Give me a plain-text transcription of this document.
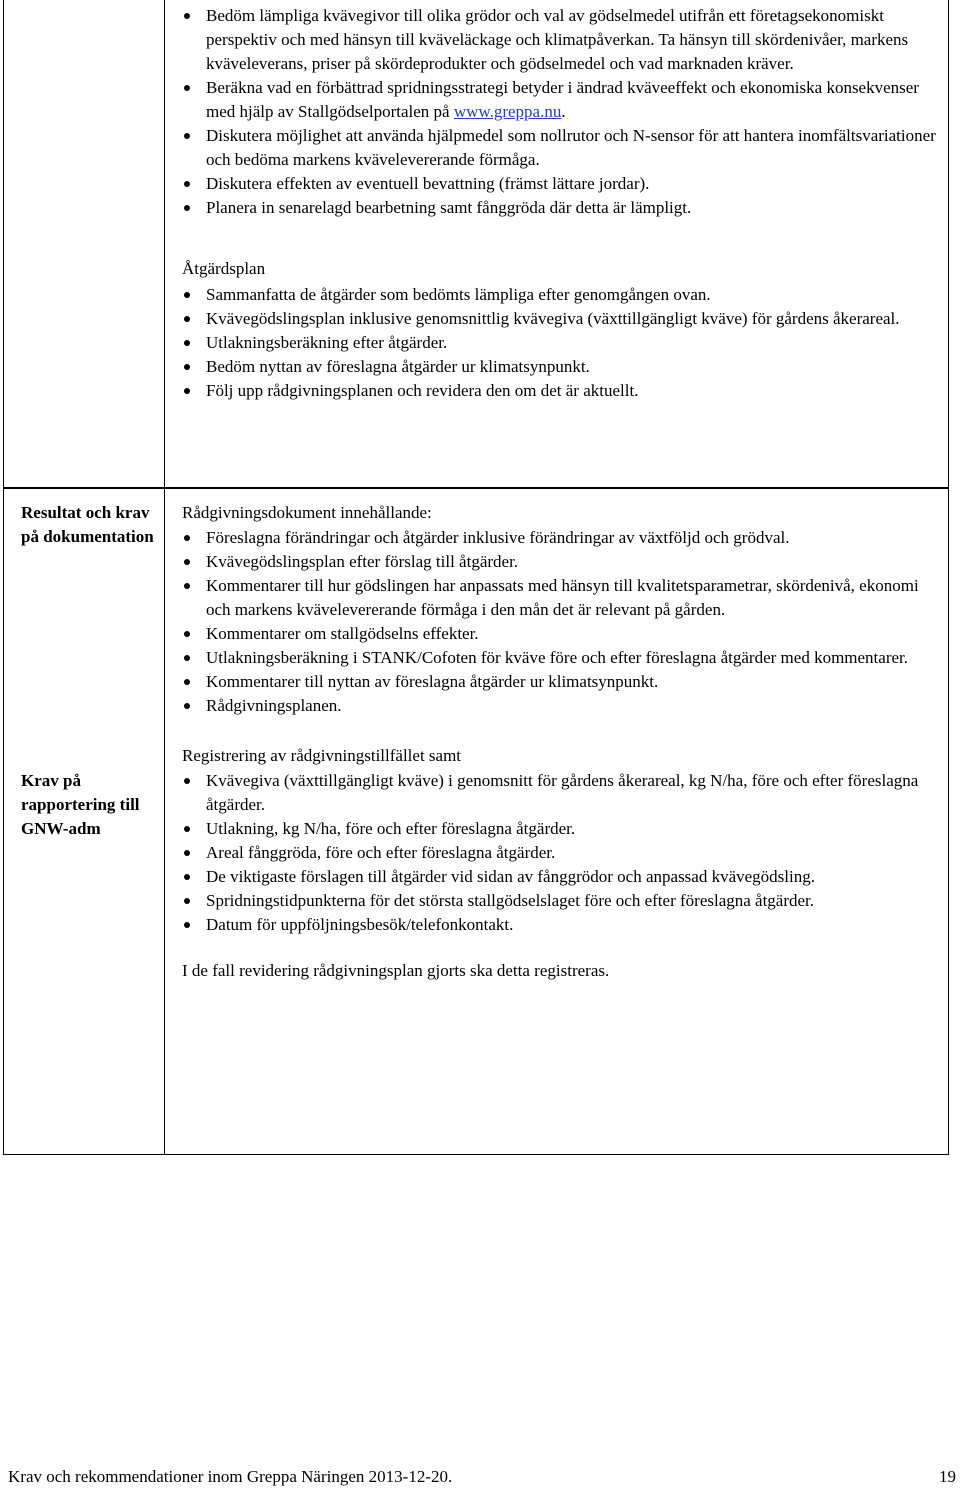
Bedöm lämpliga kvävegivor till olika grödor och val av gödselmedel utifrån ett företagsekonomiskt perspektiv och med hänsyn till kväveläckage och klimatpåverkan. Ta hänsyn till skördenivåer, markens kväveleverans, priser på skördeprodukter och gödselmedel och vad marknaden kräver.
Beräkna vad en förbättrad spridningsstrategi betyder i ändrad kväveeffekt och ekonomiska konsekvenser med hjälp av Stallgödselportalen på www.greppa.nu.
Diskutera möjlighet att använda hjälpmedel som nollrutor och N-sensor för att hantera inomfältsvariationer och bedöma markens kvävelevererande förmåga.
Diskutera effekten av eventuell bevattning (främst lättare jordar).
Planera in senarelagd bearbetning samt fånggröda där detta är lämpligt.

Åtgärdsplan

Sammanfatta de åtgärder som bedömts lämpliga efter genomgången ovan.
Kvävegödslingsplan inklusive genomsnittlig kvävegiva (växttillgängligt kväve) för gårdens åkerareal.
Utlakningsberäkning efter åtgärder.
Bedöm nyttan av föreslagna åtgärder ur klimatsynpunkt.
Följ upp rådgivningsplanen och revidera den om det är aktuellt.
Resultat och krav på dokumentation
Krav på rapportering till GNW-adm

Rådgivningsdokument innehållande:

Föreslagna förändringar och åtgärder inklusive förändringar av växtföljd och grödval.
Kvävegödslingsplan efter förslag till åtgärder.
Kommentarer till hur gödslingen har anpassats med hänsyn till kvalitetsparametrar, skördenivå, ekonomi och markens kvävelevererande förmåga i den mån det är relevant på gården.
Kommentarer om stallgödselns effekter.
Utlakningsberäkning i STANK/Cofoten för kväve före och efter föreslagna åtgärder med kommentarer.
Kommentarer till nyttan av föreslagna åtgärder ur klimatsynpunkt.
Rådgivningsplanen.

Registrering av rådgivningstillfället samt

Kvävegiva (växttillgängligt kväve) i genomsnitt för gårdens åkerareal, kg N/ha, före och efter föreslagna åtgärder.
Utlakning, kg N/ha, före och efter föreslagna åtgärder.
Areal fånggröda, före och efter föreslagna åtgärder.
De viktigaste förslagen till åtgärder vid sidan av fånggrödor och anpassad kvävegödsling.
Spridningstidpunkterna för det största stallgödselslaget före och efter föreslagna åtgärder.
Datum för uppföljningsbesök/telefonkontakt.

I de fall revidering rådgivningsplan gjorts ska detta registreras.

Krav och rekommendationer inom Greppa Näringen 2013-12-20.	19
